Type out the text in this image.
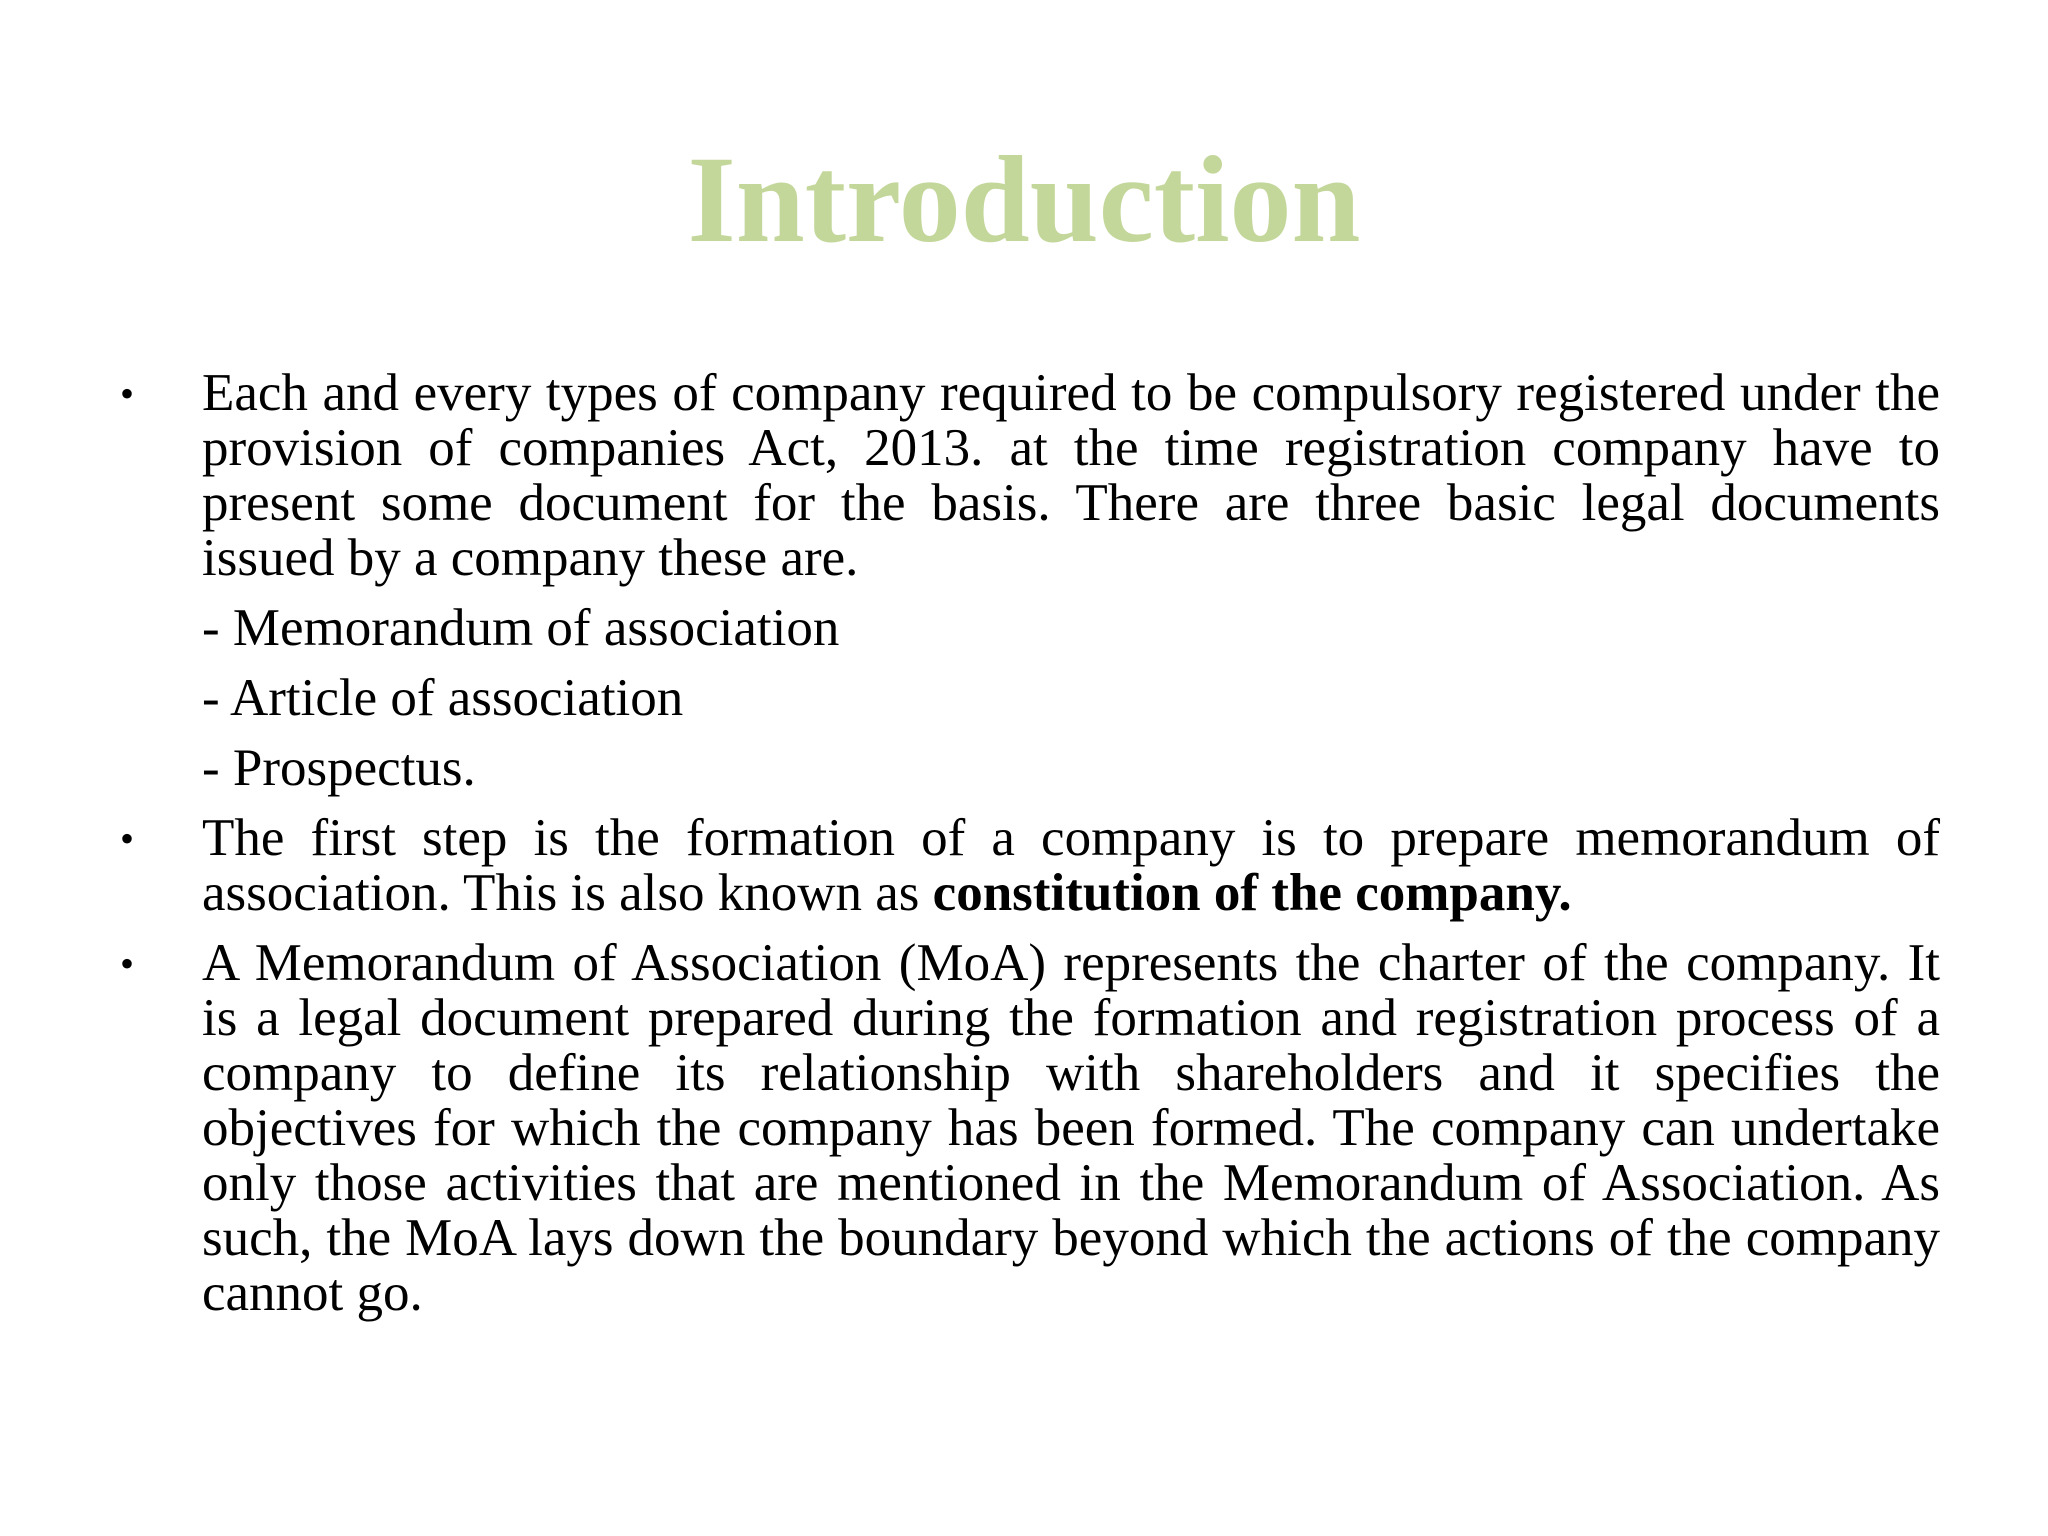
Introduction
•	Each and every types of company required to be compulsory registered under the provision of companies Act, 2013. at the time registration company have to present some document for the basis. There are three basic legal documents issued by a company these are.
- Memorandum of association
- Article of association
- Prospectus.
•	The first step is the formation of a company is to prepare memorandum of association. This is also known as constitution of the company.
•	A Memorandum of Association (MoA) represents the charter of the company. It is a legal document prepared during the formation and registration process of a company to define its relationship with shareholders and it specifies the objectives for which the company has been formed. The company can undertake only those activities that are mentioned in the Memorandum of Association. As such, the MoA lays down the boundary beyond which the actions of the company cannot go.
